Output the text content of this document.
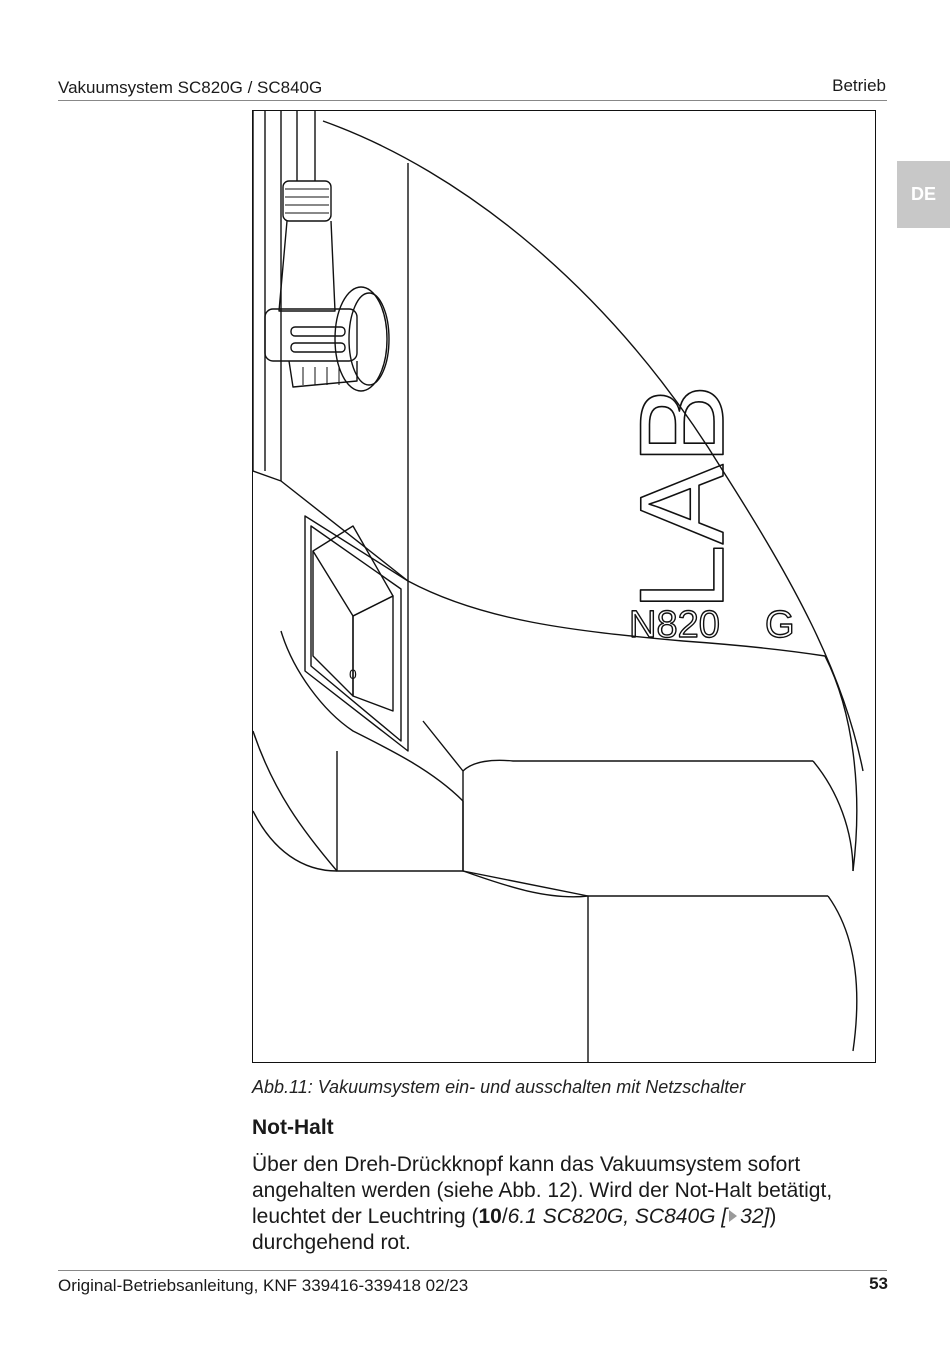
Vakuumsystem SC820G / SC840G	Betrieb
DE
0
LAB
N820 G
Abb.11: Vakuumsystem ein- und ausschalten mit Netzschalter
Not-Halt
Über den Dreh-Drückknopf kann das Vakuumsystem sofort angehalten werden (siehe Abb. 12). Wird der Not-Halt betätigt, leuchtet der Leuchtring (10/6.1 SC820G, SC840G [ 32]) durchgehend rot.
Original-Betriebsanleitung, KNF 339416-339418 02/23	53
